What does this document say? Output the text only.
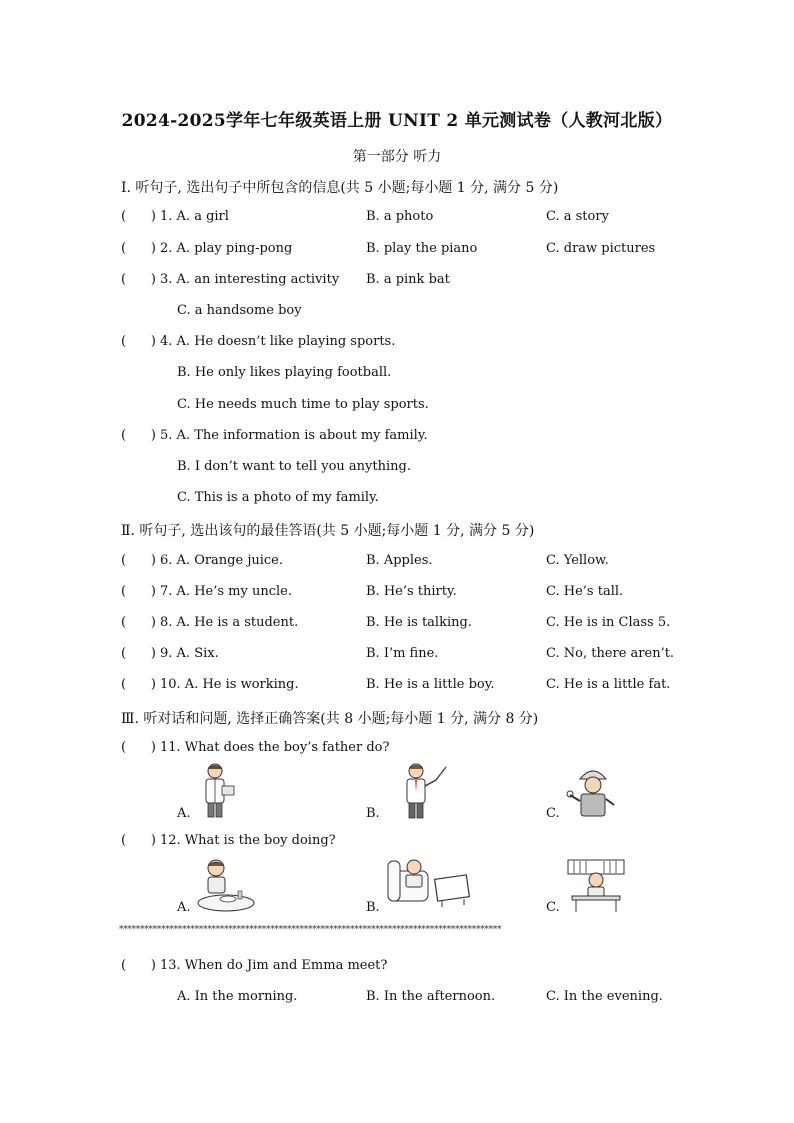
2024-2025学年七年级英语上册 UNIT 2 单元测试卷（人教河北版）
第一部分 听力
Ⅰ. 听句子, 选出句子中所包含的信息(共 5 小题;每小题 1 分, 满分 5 分)
(      ) 1. A. a girl	B. a photo	C. a story
(      ) 2. A. play ping-pong	B. play the piano	C. draw pictures
(      ) 3. A. an interesting activity B. a pink bat
C. a handsome boy
(      ) 4. A. He doesn’t like playing sports.
B. He only likes playing football.
C. He needs much time to play sports.
(      ) 5. A. The information is about my family.
B. I don’t want to tell you anything.
C. This is a photo of my family.
Ⅱ. 听句子, 选出该句的最佳答语(共 5 小题;每小题 1 分, 满分 5 分)
(      ) 6. A. Orange juice.	B. Apples.	C. Yellow.
(      ) 7. A. He’s my uncle.	B. He’s thirty.	C. He’s tall.
(      ) 8. A. He is a student.	B. He is talking.	C. He is in Class 5.
(      ) 9. A. Six.	B. I’m fine.	C. No, there aren’t.
(      ) 10. A. He is working.	B. He is a little boy.	C. He is a little fat.
Ⅲ. 听对话和问题, 选择正确答案(共 8 小题;每小题 1 分, 满分 8 分)
(      ) 11. What does the boy’s father do?
A.	B.	C.
(      ) 12. What is the boy doing?
A.	B.	C.
*******************************************************************************************
(      ) 13. When do Jim and Emma meet?
A. In the morning.	B. In the afternoon.	C. In the evening.
